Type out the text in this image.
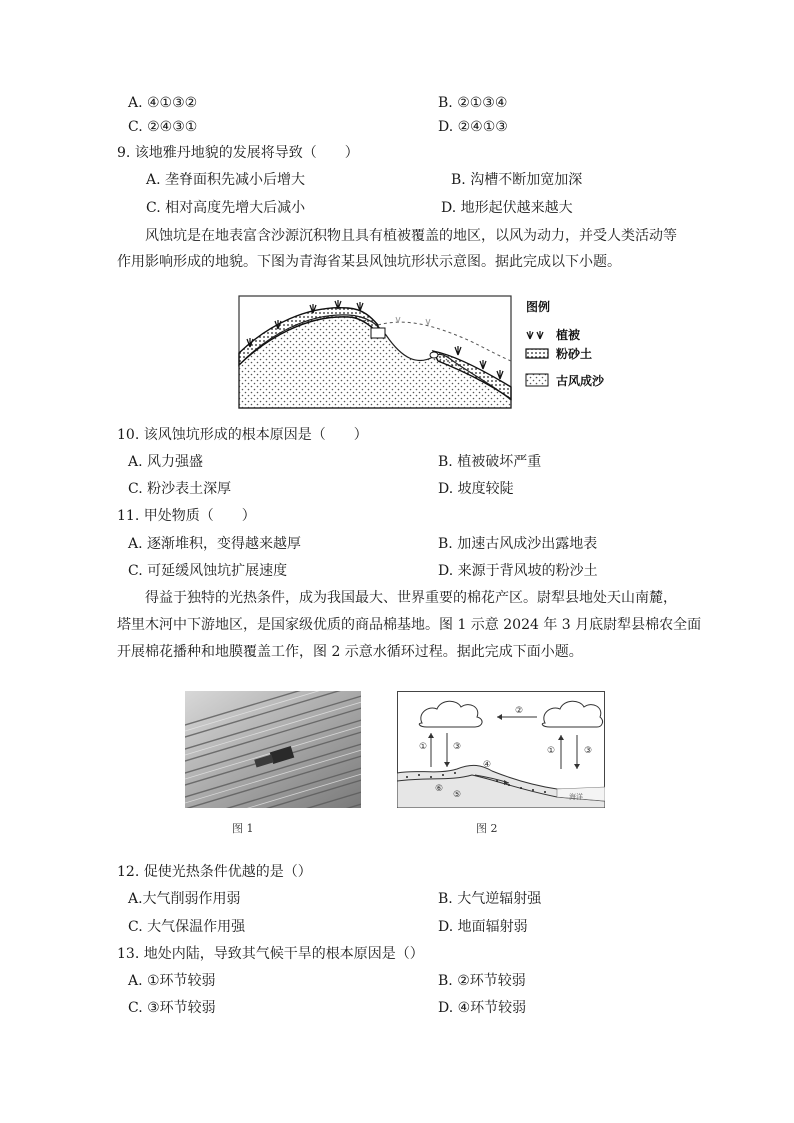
A. ④①③②	B. ②①③④
C. ②④③①	D. ②④①③
9. 该地雅丹地貌的发展将导致（　　）
A. 垄脊面积先减小后增大	B. 沟槽不断加宽加深
C. 相对高度先增大后减小	D. 地形起伏越来越大
风蚀坑是在地表富含沙源沉积物且具有植被覆盖的地区，以风为动力，并受人类活动等
作用影响形成的地貌。下图为青海省某县风蚀坑形状示意图。据此完成以下小题。
图例
植被
粉砂土
古风成沙
10. 该风蚀坑形成的根本原因是（　　）
A. 风力强盛	B. 植被破坏严重
C. 粉沙表土深厚	D. 坡度较陡
11. 甲处物质（　　）
A. 逐渐堆积，变得越来越厚	B. 加速古风成沙出露地表
C. 可延缓风蚀坑扩展速度	D. 来源于背风坡的粉沙土
得益于独特的光热条件，成为我国最大、世界重要的棉花产区。尉犁县地处天山南麓，
塔里木河中下游地区，是国家级优质的商品棉基地。图 1 示意 2024 年 3 月底尉犁县棉农全面
开展棉花播种和地膜覆盖工作，图 2 示意水循环过程。据此完成下面小题。
图 1
②
①	③	①	③
海洋
④
⑤
⑥
图 2
12. 促使光热条件优越的是（）
A.大气削弱作用弱	B. 大气逆辐射强
C. 大气保温作用强	D. 地面辐射弱
13. 地处内陆，导致其气候干旱的根本原因是（）
A. ①环节较弱	B. ②环节较弱
C. ③环节较弱	D. ④环节较弱
